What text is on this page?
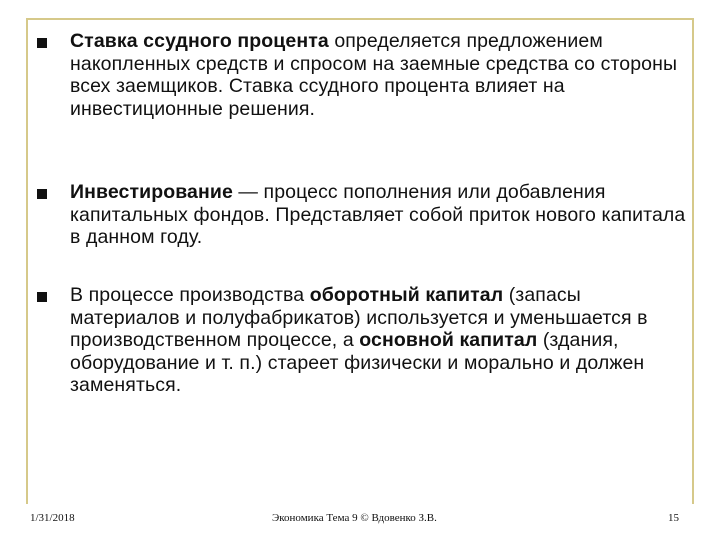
Ставка ссудного процента определяется предложением накопленных средств и спросом на заемные средства со стороны всех заемщиков. Ставка ссудного процента влияет на инвестиционные решения.
Инвестирование — процесс пополнения или добавления капитальных фондов. Представляет собой приток нового капитала в данном году.
В процессе производства оборотный капитал (запасы материалов и полуфабрикатов) используется и уменьшается в производственном процессе, а основной капитал (здания, оборудование и т. п.) стареет физически и морально и должен заменяться.
1/31/2018	Экономика Тема 9 © Вдовенко З.В.	15
